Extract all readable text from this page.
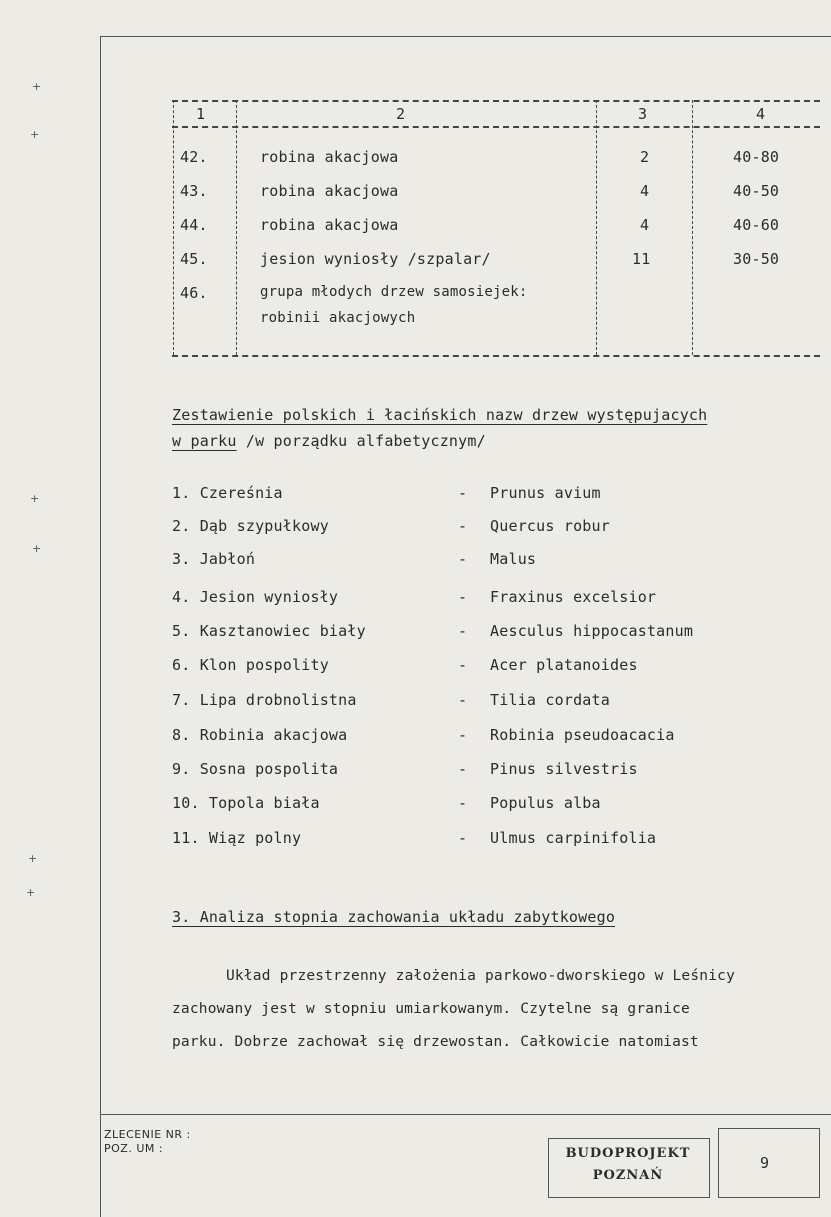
+
+
+
+
+
+
1	2	3	4
42.	robina akacjowa	2	40-80
43.	robina akacjowa	4	40-50
44.	robina akacjowa	4	40-60
45.	jesion wyniosły /szpalar/	11	30-50
46.	grupa młodych drzew samosiejek:
robinii akacjowych
Zestawienie polskich i łacińskich nazw drzew występujacych
w parku /w porządku alfabetycznym/
1. Czereśnia	- Prunus avium
2. Dąb szypułkowy	- Quercus robur
3. Jabłoń	- Malus
4. Jesion wyniosły	- Fraxinus excelsior
5. Kasztanowiec biały	- Aesculus hippocastanum
6. Klon pospolity	- Acer platanoides
7. Lipa drobnolistna	- Tilia cordata
8. Robinia akacjowa	- Robinia pseudoacacia
9. Sosna pospolita	- Pinus silvestris
10. Topola biała	- Populus alba
11. Wiąz polny	- Ulmus carpinifolia
3. Analiza stopnia zachowania układu zabytkowego
Układ przestrzenny założenia parkowo-dworskiego w Leśnicy
zachowany jest w stopniu umiarkowanym. Czytelne są granice
parku. Dobrze zachował się drzewostan. Całkowicie natomiast
ZLECENIE NR :
POZ. UM :	BUDOPROJEKT
POZNAŃ
9
